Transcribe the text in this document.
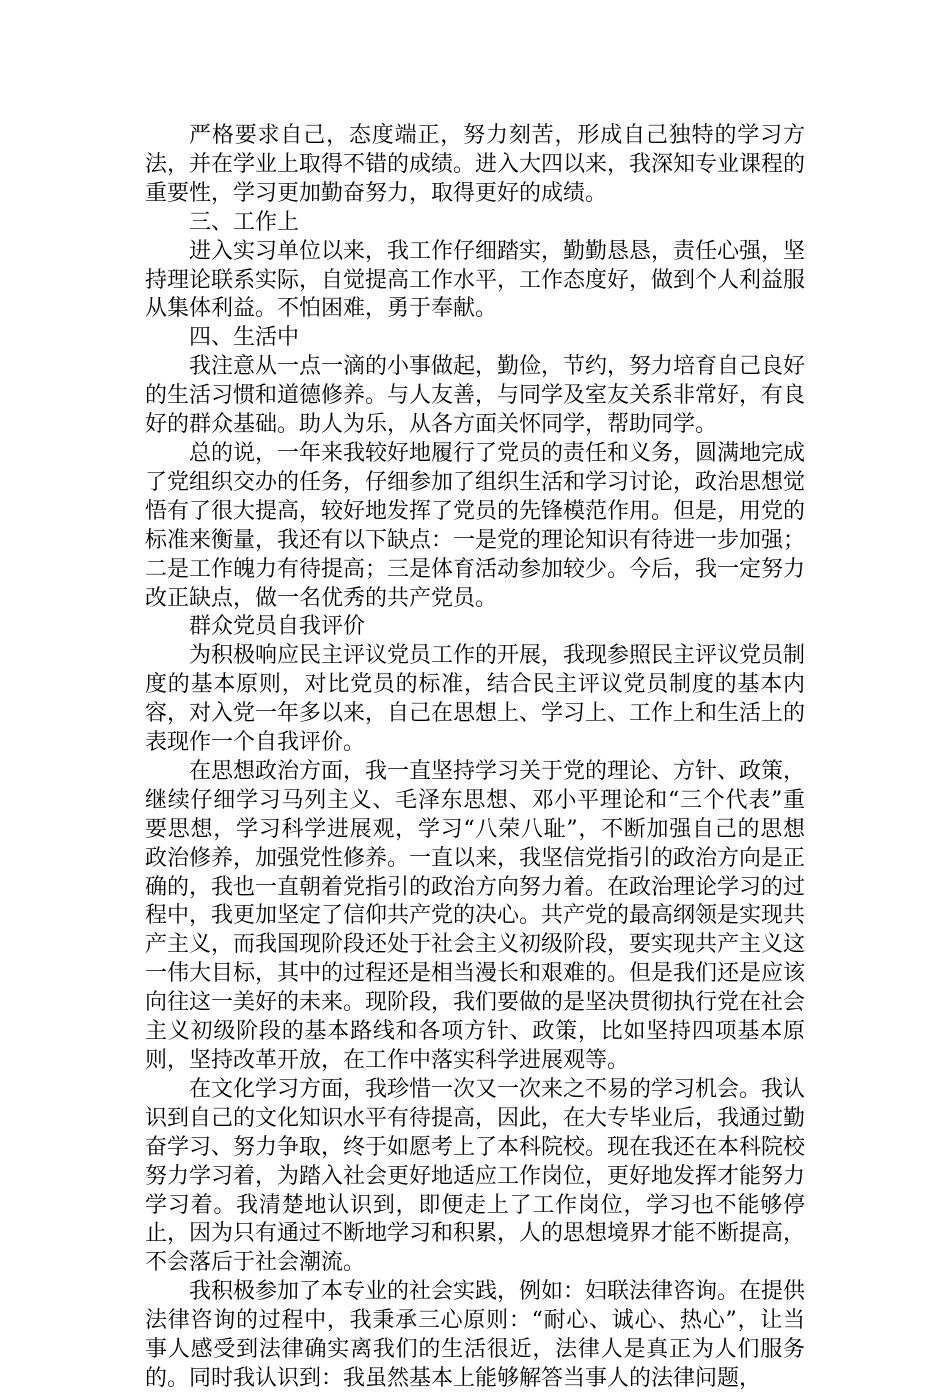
严格要求自己，态度端正，努力刻苦，形成自己独特的学习方法，并在学业上取得不错的成绩。进入大四以来，我深知专业课程的重要性，学习更加勤奋努力，取得更好的成绩。

三、工作上

进入实习单位以来，我工作仔细踏实，勤勤恳恳，责任心强，坚持理论联系实际，自觉提高工作水平，工作态度好，做到个人利益服从集体利益。不怕困难，勇于奉献。

四、生活中

我注意从一点一滴的小事做起，勤俭，节约，努力培育自己良好的生活习惯和道德修养。与人友善，与同学及室友关系非常好，有良好的群众基础。助人为乐，从各方面关怀同学，帮助同学。

总的说，一年来我较好地履行了党员的责任和义务，圆满地完成了党组织交办的任务，仔细参加了组织生活和学习讨论，政治思想觉悟有了很大提高，较好地发挥了党员的先锋模范作用。但是，用党的标准来衡量，我还有以下缺点：一是党的理论知识有待进一步加强；二是工作魄力有待提高；三是体育活动参加较少。今后，我一定努力改正缺点，做一名优秀的共产党员。

群众党员自我评价

为积极响应民主评议党员工作的开展，我现参照民主评议党员制度的基本原则，对比党员的标准，结合民主评议党员制度的基本内容，对入党一年多以来，自己在思想上、学习上、工作上和生活上的表现作一个自我评价。

在思想政治方面，我一直坚持学习关于党的理论、方针、政策，继续仔细学习马列主义、毛泽东思想、邓小平理论和“三个代表”重要思想，学习科学进展观，学习“八荣八耻”，不断加强自己的思想政治修养，加强党性修养。一直以来，我坚信党指引的政治方向是正确的，我也一直朝着党指引的政治方向努力着。在政治理论学习的过程中，我更加坚定了信仰共产党的决心。共产党的最高纲领是实现共产主义，而我国现阶段还处于社会主义初级阶段，要实现共产主义这一伟大目标，其中的过程还是相当漫长和艰难的。但是我们还是应该向往这一美好的未来。现阶段，我们要做的是坚决贯彻执行党在社会主义初级阶段的基本路线和各项方针、政策，比如坚持四项基本原则，坚持改革开放，在工作中落实科学进展观等。

在文化学习方面，我珍惜一次又一次来之不易的学习机会。我认识到自己的文化知识水平有待提高，因此，在大专毕业后，我通过勤奋学习、努力争取，终于如愿考上了本科院校。现在我还在本科院校努力学习着，为踏入社会更好地适应工作岗位，更好地发挥才能努力学习着。我清楚地认识到，即便走上了工作岗位，学习也不能够停止，因为只有通过不断地学习和积累，人的思想境界才能不断提高，不会落后于社会潮流。

我积极参加了本专业的社会实践，例如：妇联法律咨询。在提供法律咨询的过程中，我秉承三心原则：“耐心、诚心、热心”，让当事人感受到法律确实离我们的生活很近，法律人是真正为人们服务的。同时我认识到：我虽然基本上能够解答当事人的法律问题，
